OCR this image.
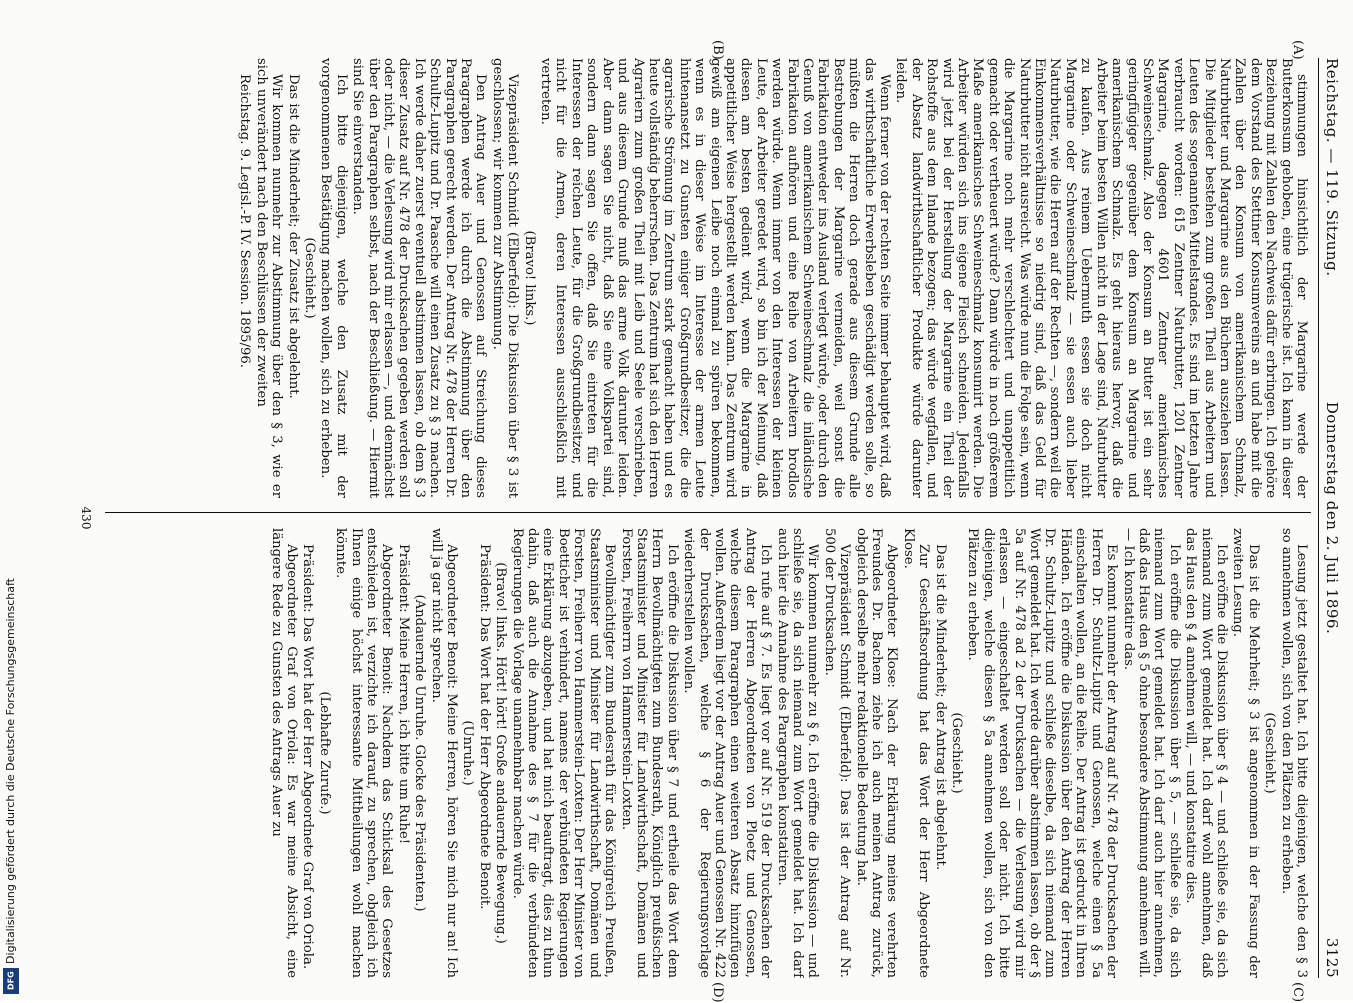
Reichstag. — 119. Sitzung.
Donnerstag den 2. Juli 1896.
3125
(A)
(B)
(C)
(D)

stimmungen hinsichtlich der Margarine werde der Butterkonsum gehoben, eine trügerische ist. Ich kann in dieser Beziehung mit Zahlen den Nachweis dafür erbringen. Ich gehöre dem Vorstand des Stettiner Konsumvereins an und habe mit die Zahlen über den Konsum von amerikanischem Schmalz, Naturbutter und Margarine aus den Büchern ausziehen lassen. Die Mitglieder bestehen zum großen Theil aus Arbeitern und Leuten des sogenannten Mittelstandes. Es sind im letzten Jahre verbraucht worden: 615 Zentner Naturbutter, 1201 Zentner Margarine, dagegen 4601 Zentner amerikanisches Schweineschmalz. Also der Konsum an Butter ist ein sehr geringfügiger gegenüber dem Konsum an Margarine und amerikanischem Schmalz. Es geht hieraus hervor, daß die Arbeiter beim besten Willen nicht in der Lage sind, Naturbutter zu kaufen. Aus reinem Uebermuth essen sie doch nicht Margarine oder Schweineschmalz — sie essen auch lieber Naturbutter, wie die Herren auf der Rechten —, sondern weil die Einkommensverhältnisse so niedrig sind, daß das Geld für Naturbutter nicht ausreicht. Was würde nun die Folge sein, wenn die Margarine noch mehr verschlechtert und unappetitlich gemacht oder vertheuert würde? Dann würde in noch größerem Maße amerikanisches Schweineschmalz konsumirt werden. Die Arbeiter würden sich ins eigene Fleisch schneiden. Jedenfalls wird jetzt bei der Herstellung der Margarine ein Theil der Rohstoffe aus dem Inlande bezogen; das würde wegfallen, und der Absatz landwirthschaftlicher Produkte würde darunter leiden.

Wenn ferner von der rechten Seite immer behauptet wird, daß das wirthschaftliche Erwerbsleben geschädigt werden solle, so müßten die Herren doch gerade aus diesem Grunde alle Bestrebungen der Margarine vermeiden, weil sonst die Fabrikation entweder ins Ausland verlegt würde, oder durch den Genuß von amerikanischem Schweineschmalz die inländische Fabrikation aufhören und eine Reihe von Arbeitern brodlos werden würde. Wenn immer von den Interessen der kleinen Leute, der Arbeiter geredet wird, so bin ich der Meinung, daß diesen am besten gedient wird, wenn die Margarine in appetitlicher Weise hergestellt werden kann. Das Zentrum wird gewiß am eigenen Leibe noch einmal zu spüren bekommen, wenn es in dieser Weise im Interesse der armen Leute hintenansetzt zu Gunsten einiger Großgrundbesitzer, die die agrarische Strömung im Zentrum stark gemacht haben und es heute vollständig beherrschen. Das Zentrum hat sich den Herren Agrariern zum großen Theil mit Leib und Seele verschrieben, und aus diesem Grunde muß das arme Volk darunter leiden. Aber dann sagen Sie nicht, daß Sie eine Volkspartei sind, sondern dann sagen Sie offen, daß Sie eintreten für die Interessen der reichen Leute, für die Großgrundbesitzer, und nicht für die Armen, deren Interessen ausschließlich mit vertreten.

(Bravo! links.)

Vizepräsident Schmidt (Elberfeld): Die Diskussion über § 3 ist geschlossen; wir kommen zur Abstimmung.

Den Antrag Auer und Genossen auf Streichung dieses Paragraphen werde ich durch die Abstimmung über den Paragraphen gerecht werden. Der Antrag Nr. 478 der Herren Dr. Schultz-Lupitz und Dr. Paasche will einen Zusatz zu § 3 machen. Ich werde daher zuerst eventuell abstimmen lassen, ob dem § 3 dieser Zusatz auf Nr. 478 der Drucksachen gegeben werden soll oder nicht, — die Verlesung wird mir erlassen —, und demnächst über den Paragraphen selbst, nach der Beschließung. — Hiermit sind Sie einverstanden.

Ich bitte diejenigen, welche den Zusatz mit der vorgenommenen Bestätigung machen wollen, sich zu erheben.

(Geschieht.)

Das ist die Minderheit; der Zusatz ist abgelehnt.

Wir kommen nunmehr zur Abstimmung über den § 3, wie er sich unverändert nach den Beschlüssen der zweiten

Reichstag. 9. Legisl.-P. IV. Session. 1895/96.

Lesung jetzt gestaltet hat. Ich bitte diejenigen, welche den § 3 so annehmen wollen, sich von den Plätzen zu erheben.

(Geschieht.)

Das ist die Mehrheit; § 3 ist angenommen in der Fassung der zweiten Lesung.

Ich eröffne die Diskussion über § 4 — und schließe sie, da sich niemand zum Wort gemeldet hat. Ich darf wohl annehmen, daß das Haus den § 4 annehmen will, — und konstatire dies.

Ich eröffne die Diskussion über § 5, — schließe sie, da sich niemand zum Wort gemeldet hat. Ich darf auch hier annehmen, daß das Haus den § 5 ohne besondere Abstimmung annehmen will. — Ich konstatire das.

Es kommt nunmehr der Antrag auf Nr. 478 der Drucksachen der Herren Dr. Schultz-Lupitz und Genossen, welche einen § 5a einschalten wollen, an die Reihe. Der Antrag ist gedruckt in Ihren Händen. Ich eröffne die Diskussion über den Antrag der Herren Dr. Schultz-Lupitz und schließe dieselbe, da sich niemand zum Wort gemeldet hat. Ich werde darüber abstimmen lassen, ob der § 5a auf Nr. 478 ad 2 der Drucksachen — die Verlesung wird mir erlassen — eingeschaltet werden soll oder nicht. Ich bitte diejenigen, welche diesen § 5a annehmen wollen, sich von den Plätzen zu erheben.

(Geschieht.)

Das ist die Minderheit; der Antrag ist abgelehnt.

Zur Geschäftsordnung hat das Wort der Herr Abgeordnete Klose.

Abgeordneter Klose: Nach der Erklärung meines verehrten Freundes Dr. Bachem ziehe ich auch meinen Antrag zurück, obgleich derselbe mehr redaktionelle Bedeutung hat.

Vizepräsident Schmidt (Elberfeld): Das ist der Antrag auf Nr. 500 der Drucksachen.

Wir kommen nunmehr zu § 6. Ich eröffne die Diskussion — und schließe sie, da sich niemand zum Wort gemeldet hat. Ich darf auch hier die Annahme des Paragraphen konstatiren.

Ich rufe auf § 7. Es liegt vor auf Nr. 519 der Drucksachen der Antrag der Herren Abgeordneten von Ploetz und Genossen, welche diesem Paragraphen einen weiteren Absatz hinzufügen wollen. Außerdem liegt vor der Antrag Auer und Genossen Nr. 422 der Drucksachen, welche § 6 der Regierungsvorlage wiederherstellen wollen.

Ich eröffne die Diskussion über § 7 und ertheile das Wort dem Herrn Bevollmächtigten zum Bundesrath, Königlich preußischen Staatsminister und Minister für Landwirthschaft, Domänen und Forsten, Freiherrn von Hammerstein-Loxten.

Bevollmächtigter zum Bundesrath für das Königreich Preußen, Staatsminister und Minister für Landwirthschaft, Domänen und Forsten, Freiherr von Hammerstein-Loxten: Der Herr Minister von Boetticher ist verhindert, namens der verbündeten Regierungen eine Erklärung abzugeben, und hat mich beauftragt, dies zu thun dahin, daß auch die Annahme des § 7 für die verbündeten Regierungen die Vorlage unannehmbar machen würde.

(Bravo! links. Hört! hört! Große andauernde Bewegung.)

Präsident: Das Wort hat der Herr Abgeordnete Benoit.

(Unruhe.)

Abgeordneter Benoit: Meine Herren, hören Sie mich nur an! Ich will ja gar nicht sprechen.

(Andauernde Unruhe. Glocke des Präsidenten.)

Präsident: Meine Herren, ich bitte um Ruhe!

Abgeordneter Benoit: Nachdem das Schicksal des Gesetzes entschieden ist, verzichte ich darauf, zu sprechen, obgleich ich Ihnen einige höchst interessante Mittheilungen wohl machen könnte.

(Lebhafte Zurufe.)

Präsident: Das Wort hat der Herr Abgeordnete Graf von Oriola.

Abgeordneter Graf von Oriola: Es war meine Absicht, eine längere Rede zu Gunsten des Antrags Auer zu

430
Digitalisierung gefördert durch die Deutsche Forschungsgemeinschaft
DFG
